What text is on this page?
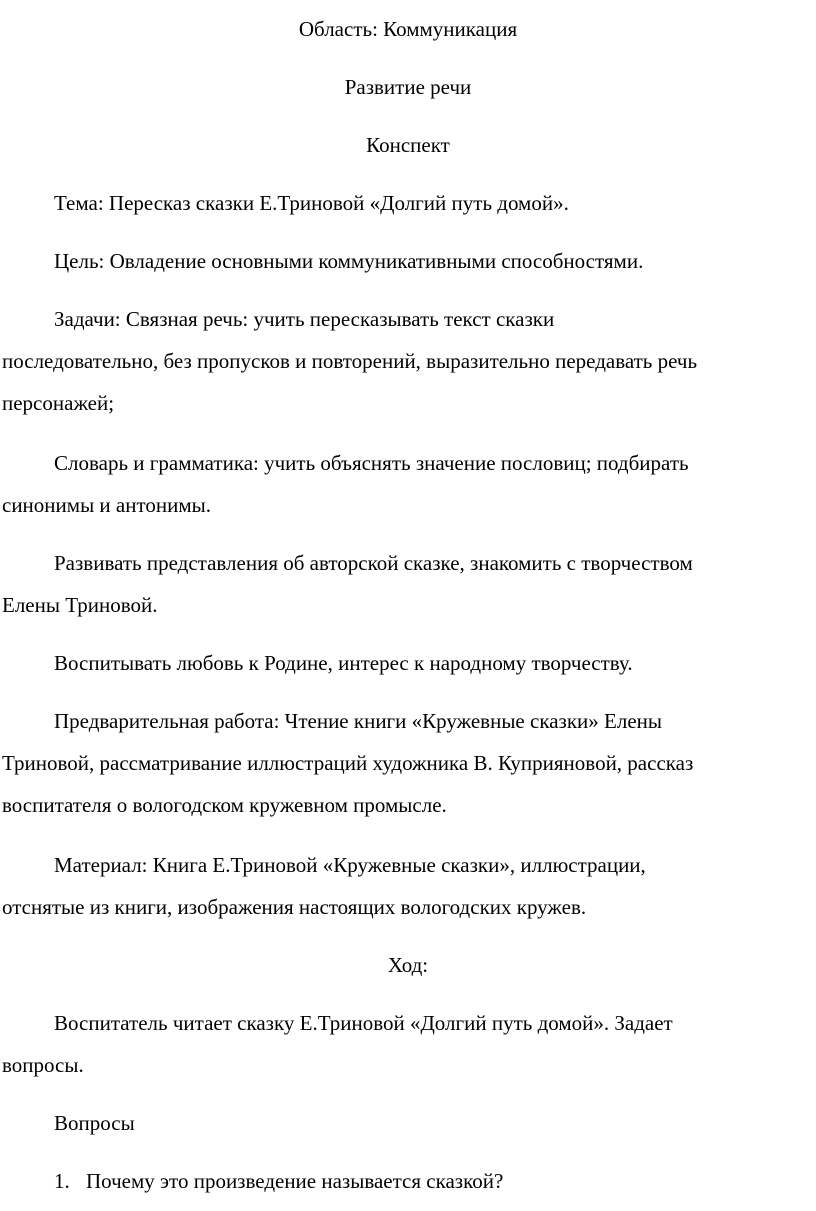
Область: Коммуникация

Развитие речи

Конспект

Тема: Пересказ сказки Е.Триновой «Долгий путь домой».

Цель: Овладение основными коммуникативными способностями.

Задачи: Связная речь: учить пересказывать текст сказки

последовательно, без пропусков и повторений, выразительно передавать речь

персонажей;

Словарь и грамматика: учить объяснять значение пословиц; подбирать

синонимы и антонимы.

Развивать представления об авторской сказке, знакомить с творчеством

Елены Триновой.

Воспитывать любовь к Родине, интерес к народному творчеству.

Предварительная работа: Чтение книги «Кружевные сказки» Елены

Триновой, рассматривание иллюстраций художника В. Куприяновой, рассказ

воспитателя о вологодском кружевном промысле.

Материал: Книга Е.Триновой «Кружевные сказки», иллюстрации,

отснятые из книги, изображения настоящих вологодских кружев.

Ход:

Воспитатель читает сказку Е.Триновой «Долгий путь домой». Задает

вопросы.

Вопросы

1. Почему это произведение называется сказкой?
